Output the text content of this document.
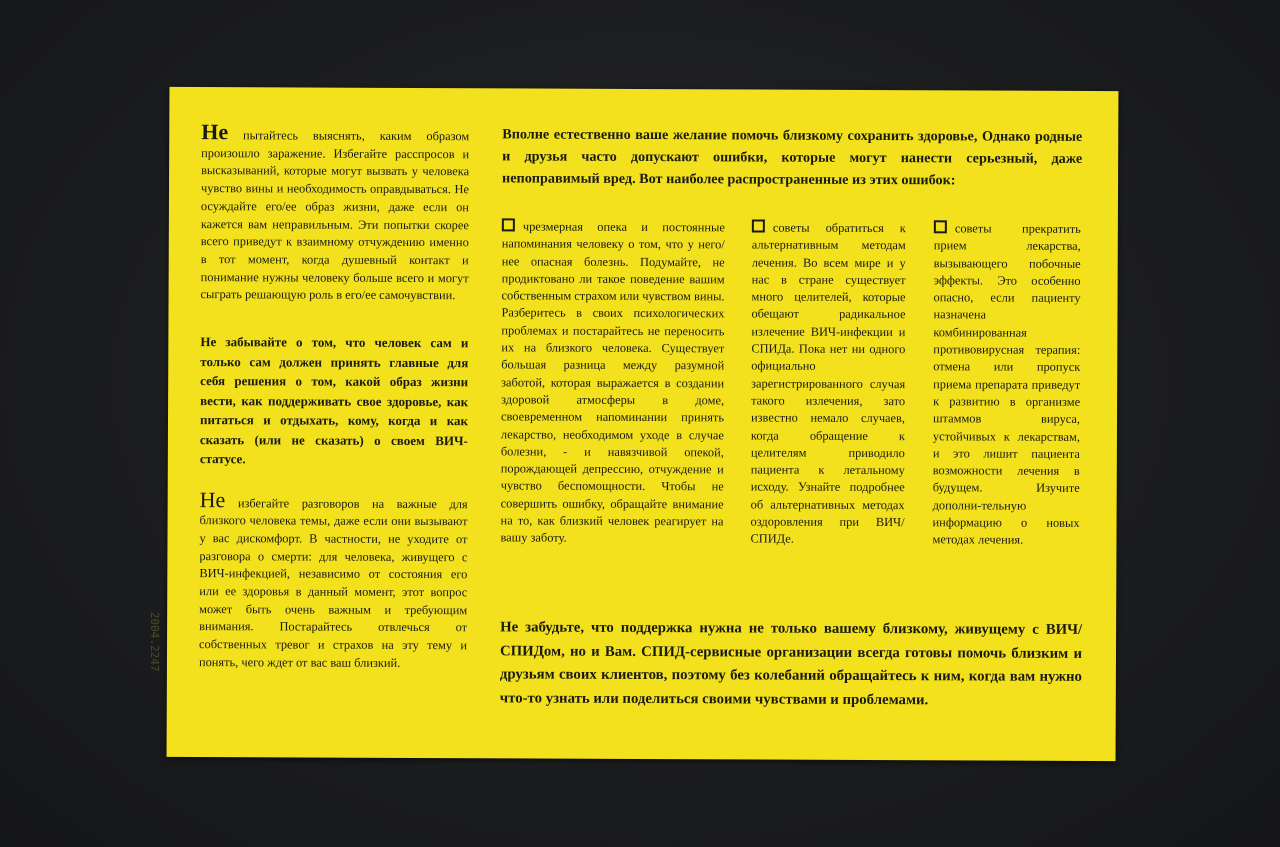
Не пытайтесь выяснять, каким образом произошло заражение. Избегайте расспросов и высказываний, которые могут вызвать у человека чувство вины и необходимость оправдываться. Не осуждайте его/ее образ жизни, даже если он кажется вам неправильным. Эти попытки скорее всего приведут к взаимному отчуждению именно в тот момент, когда душевный контакт и понимание нужны человеку больше всего и могут сыграть решающую роль в его/ее самочувствии.

Не забывайте о том, что человек сам и только сам должен принять главные для себя решения о том, какой образ жизни вести, как поддерживать свое здоровье, как питаться и отдыхать, кому, когда и как сказать (или не сказать) о своем ВИЧ-статусе.

Не избегайте разговоров на важные для близкого человека темы, даже если они вызывают у вас дискомфорт. В частности, не уходите от разговора о смерти: для человека, живущего с ВИЧ-инфекцией, независимо от состояния его или ее здоровья в данный момент, этот вопрос может быть очень важным и требующим внимания. Постарайтесь отвлечься от собственных тревог и страхов на эту тему и понять, чего ждет от вас ваш близкий.

2004.2247

Вполне естественно ваше желание помочь близкому сохранить здоровье, Однако родные и друзья часто допускают ошибки, которые могут нанести серьезный, даже непоправимый вред. Вот наиболее распространенные из этих ошибок:

чрезмерная опека и постоянные напоминания человеку о том, что у него/нее опасная болезнь. Подумайте, не продиктовано ли такое поведение вашим собственным страхом или чувством вины. Разберитесь в своих психологических проблемах и постарайтесь не переносить их на близкого человека. Существует большая разница между разумной заботой, которая выражается в создании здоровой атмосферы в доме, своевременном напоминании принять лекарство, необходимом уходе в случае болезни, - и навязчивой опекой, порождающей депрессию, отчуждение и чувство беспомощности. Чтобы не совершить ошибку, обращайте внимание на то, как близкий человек реагирует на вашу заботу.

советы обратиться к альтернативным методам лечения. Во всем мире и у нас в стране существует много целителей, которые обещают радикальное излечение ВИЧ-инфекции и СПИДа. Пока нет ни одного официально зарегистрированного случая такого излечения, зато известно немало случаев, когда обращение к целителям приводило пациента к летальному исходу. Узнайте подробнее об альтернативных методах оздоровления при ВИЧ/СПИДе.

советы прекратить прием лекарства, вызывающего побочные эффекты. Это особенно опасно, если пациенту назначена комбинированная противовирусная терапия: отмена или пропуск приема препарата приведут к развитию в организме штаммов вируса, устойчивых к лекарствам, и это лишит пациента возможности лечения в будущем. Изучите дополни-тельную информацию о новых методах лечения.

Не забудьте, что поддержка нужна не только вашему близкому, живущему с ВИЧ/СПИДом, но и Вам. СПИД-сервисные организации всегда готовы помочь близким и друзьям своих клиентов, поэтому без колебаний обращайтесь к ним, когда вам нужно что-то узнать или поделиться своими чувствами и проблемами.
